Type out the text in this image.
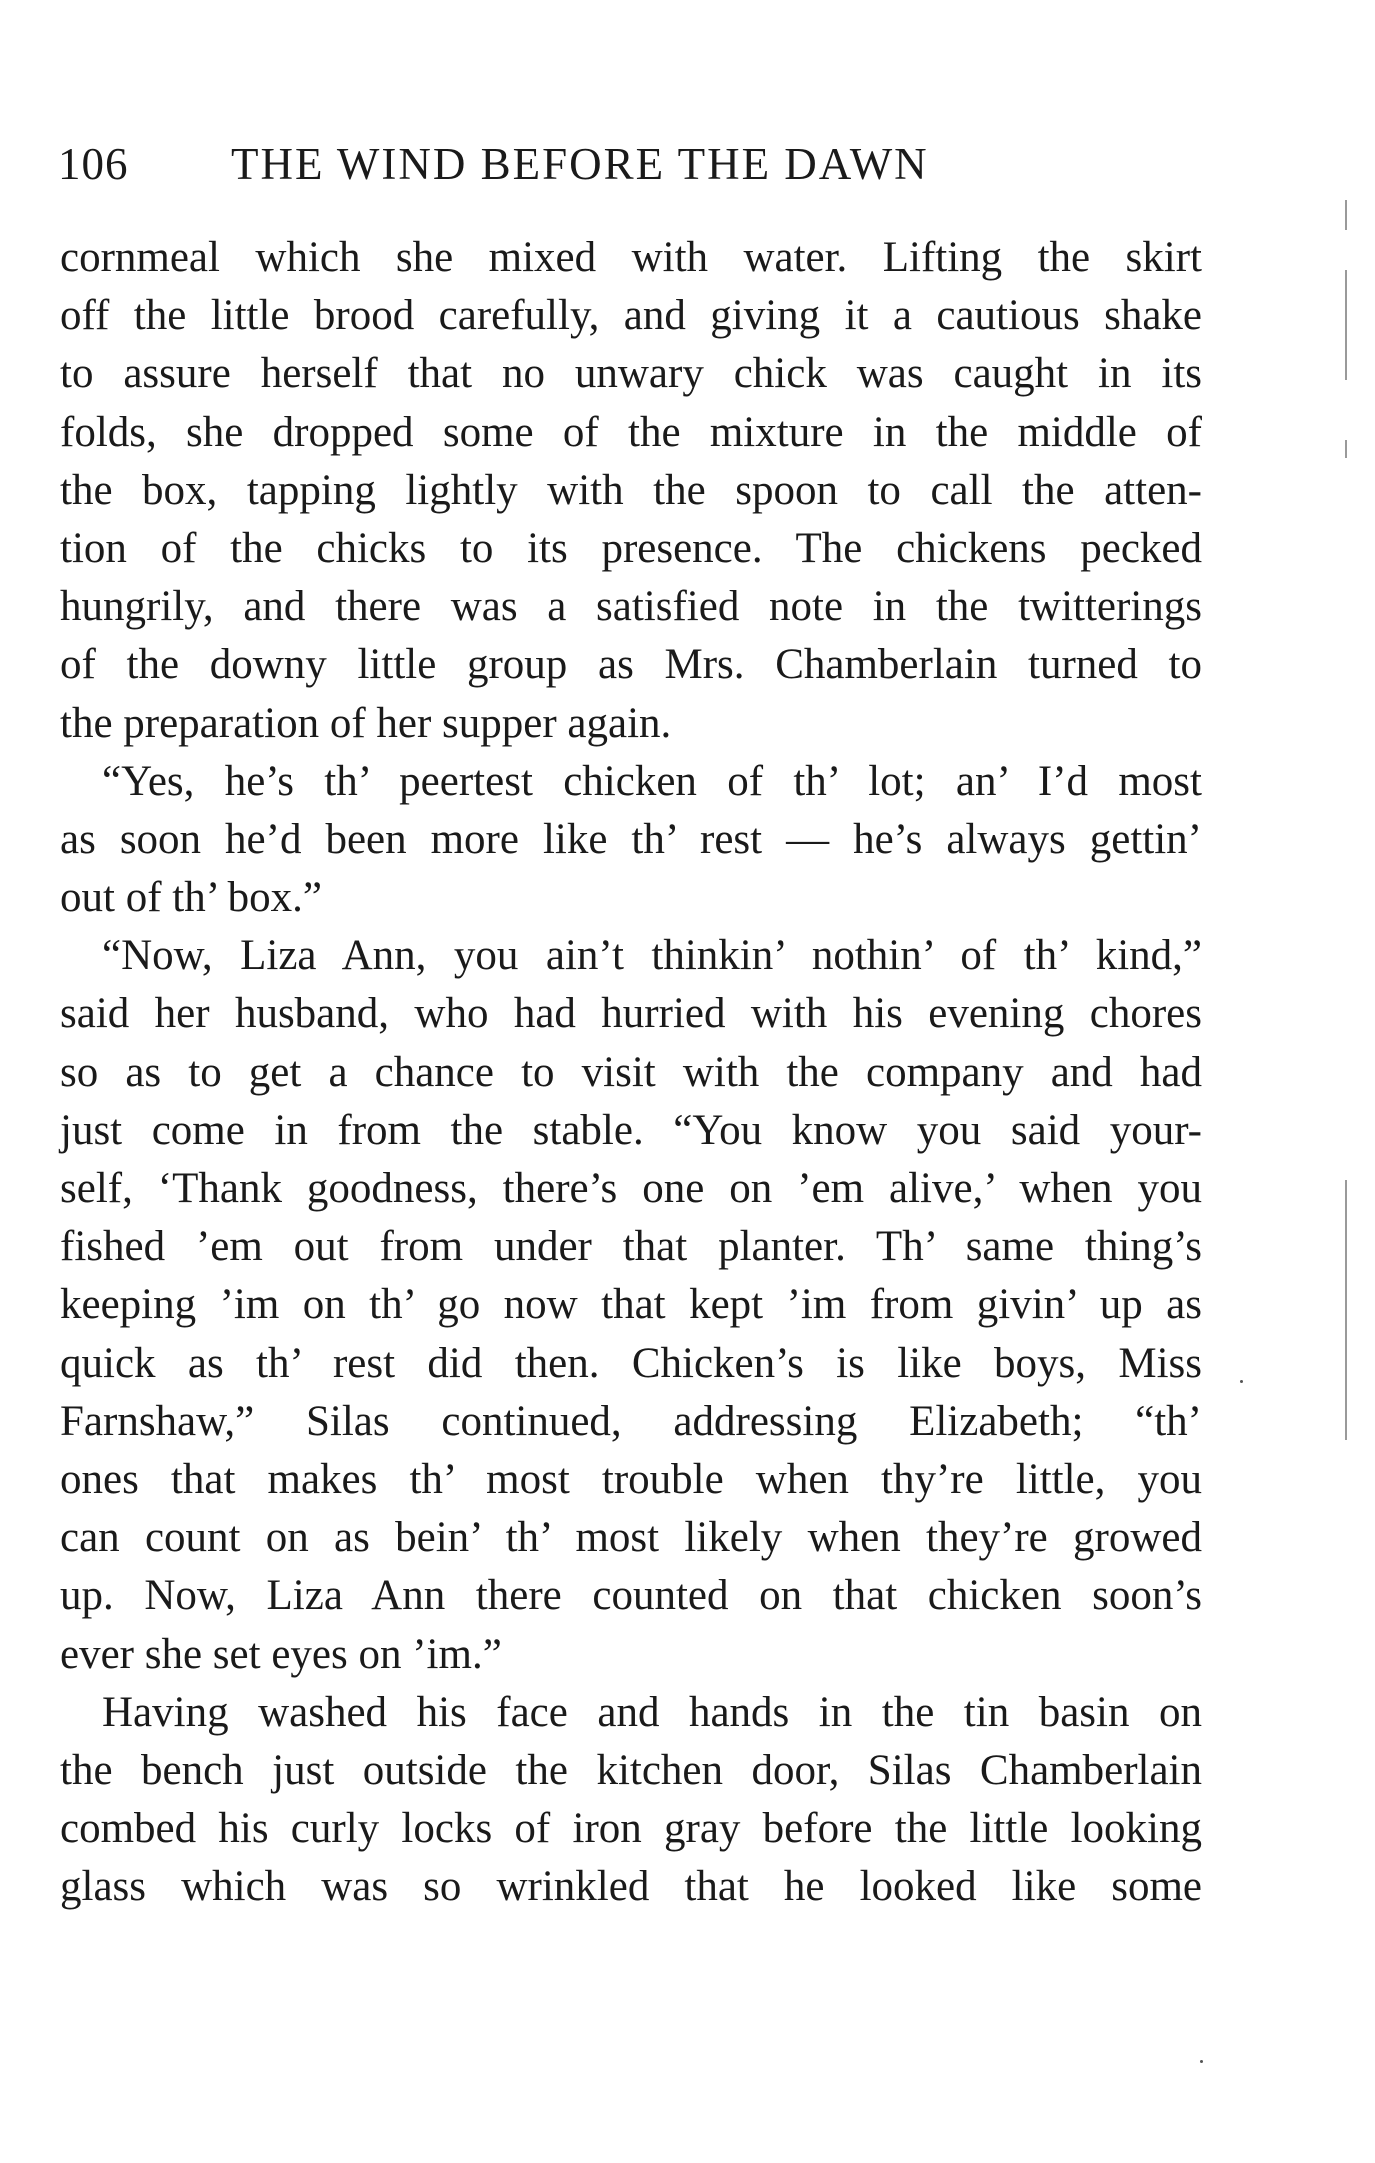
106 THE WIND BEFORE THE DAWN
cornmeal which she mixed with water. Lifting the skirt
off the little brood carefully, and giving it a cautious shake
to assure herself that no unwary chick was caught in its
folds, she dropped some of the mixture in the middle of
the box, tapping lightly with the spoon to call the atten-
tion of the chicks to its presence. The chickens pecked
hungrily, and there was a satisfied note in the twitterings
of the downy little group as Mrs. Chamberlain turned to
the preparation of her supper again.
“Yes, he’s th’ peertest chicken of th’ lot; an’ I’d most
as soon he’d been more like th’ rest — he’s always gettin’
out of th’ box.”
“Now, Liza Ann, you ain’t thinkin’ nothin’ of th’ kind,”
said her husband, who had hurried with his evening chores
so as to get a chance to visit with the company and had
just come in from the stable. “You know you said your-
self, ‘Thank goodness, there’s one on ’em alive,’ when you
fished ’em out from under that planter. Th’ same thing’s
keeping ’im on th’ go now that kept ’im from givin’ up as
quick as th’ rest did then. Chicken’s is like boys, Miss
Farnshaw,” Silas continued, addressing Elizabeth; “th’
ones that makes th’ most trouble when thy’re little, you
can count on as bein’ th’ most likely when they’re growed
up. Now, Liza Ann there counted on that chicken soon’s
ever she set eyes on ’im.”
Having washed his face and hands in the tin basin on
the bench just outside the kitchen door, Silas Chamberlain
combed his curly locks of iron gray before the little looking
glass which was so wrinkled that he looked like some
